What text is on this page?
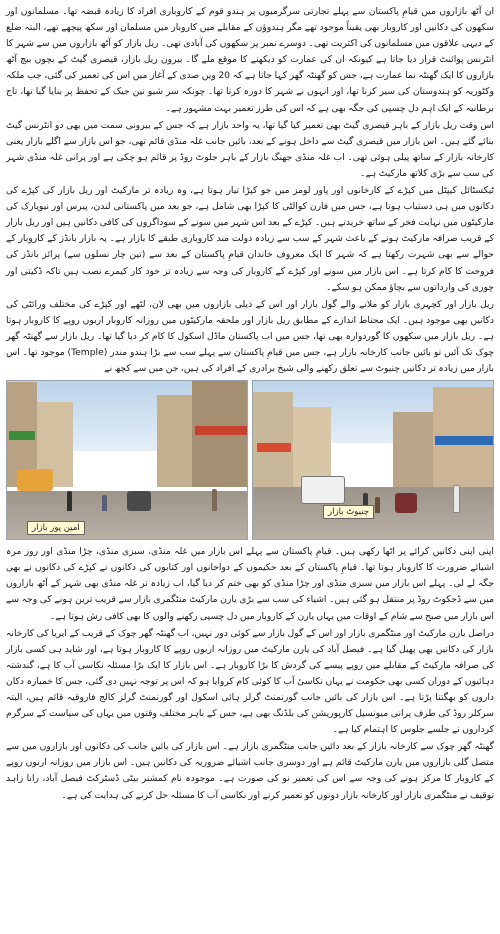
ان آٹھ بازاروں میں قیامِ پاکستان سے پہلے تجارتی سرگرمیوں پر ہندو قوم کے کاروباری افراد کا زیادہ قبضہ تھا۔ مسلمانوں اور سکھوں کی دکانیں اور کاروبار بھی یقیناً موجود تھے مگر ہندوؤں کے مقابلے میں کاروبار میں مسلمان اور سکھ پیچھے تھے، البتہ ضلع کے دیہی علاقوں میں مسلمانوں کی اکثریت تھی۔ دوسرے نمبر پر سکھوں کی آبادی تھی۔ ریل بازار کو آٹھ بازاروں میں سے شہر کا انٹرنس پوائنٹ قرار دیا جاتا ہے کیونکہ ان کی عمارت کو دیکھنے کا موقع ملے گا۔ بیرون ریل بازار، قیصری گیٹ کے بچوں بیچ آٹھ بازاروں کا ایک گھنٹہ نما عمارت ہے، جس کو گھنٹہ گھر کہا جاتا ہے کہ 20 ویں صدی کے آغاز میں اس کی تعمیر کی گئی، جب ملکہ وکٹوریہ کو ہندوستان کی سیر کرنا تھا، اور انہوں نے شہر کا دورہ کرنا تھا۔ چونکہ سر شیو نین جیک کے تحفظ پر بنایا گیا تھا، تاج برطانیہ کے ایک اہم دل چسپی کی جگہ بھی ہے کہ اس کی طرز تعمیر بہت مشہور ہے۔

اس وقت ریل بازار کے باہر قیصری گیٹ بھی تعمیر کیا گیا تھا، یہ واحد بازار ہے کہ جس کے بیرونی سمت میں بھی دو انٹرنس گیٹ بنائے گئے ہیں۔ اس بازار میں قیصری گیٹ سے داخل ہونے کے بعد، بائیں جانب غلہ منڈی قائم تھی، جو اس بازار سے اگلے بازار یعنی کارخانہ بازار کے ساتھ پیلی ہوئی تھی۔ اب غلہ منڈی جھنگ بازار کے باہر جلوٹ روڈ پر قائم ہو چکی ہے اور پرانی غلہ منڈی شہر کی سب سے بڑی کلاتھ مارکیٹ ہے۔

ٹیکسٹائل کیپٹل میں کپڑے کے کارخانوں اور پاور لومز میں جو کپڑا تیار ہوتا ہے، وہ زیادہ تر مارکیٹ اور ریل بازار کی کپڑے کی دکانوں میں ہی دستیاب ہوتا ہے، جس میں فارن کوالٹی کا کپڑا بھی شامل ہے، جو بعد میں پاکستانی لندن، پیرس اور نیویارک کی مارکیٹوں میں نہایت فخر کے ساتھ خریدتے ہیں۔ کپڑے کے بعد اس شہر میں سونے کے سوداگروں کی کافی دکانیں ہیں اور ریل بازار کے قریب صرافہ مارکیٹ ہونے کے باعث شہر کے سب سے زیادہ دولت مند کاروباری طبقے کا بازار ہے۔ یہ بازار بانڈز کے کاروبار کے حوالے سے بھی شہرت رکھتا ہے کہ شہر کا ایک معروف خاندان قیامِ پاکستان کے بعد سے (تین چار نسلوں سے) پرائز بانڈز کی فروخت کا کام کرتا ہے۔ اس بازار میں سونے اور کپڑے کے کاروبار کی وجہ سے زیادہ تر خود کار کیمرے نصب ہیں تاکہ ڈکیتی اور چوری کی وارداتوں سے بچاؤ ممکن ہو سکے۔

ریل بازار اور کچہری بازار کو ملانے والے گول بازار اور اس کے ذیلی بازاروں میں بھی لان، لٹھے اور کپڑے کی مختلف ورائٹی کی دکانیں بھی موجود ہیں۔ ایک محتاط اندازے کے مطابق ریل بازار اور ملحقہ مارکیٹوں میں روزانہ کاروبار اربوں روپے کا کاروبار ہوتا ہے۔ ریل بازار میں سکھوں کا گوردوارہ بھی تھا، جس میں اب پاکستان ماڈل اسکول کا کام کر دیا گیا تھا۔ ریل بازار سے گھنٹہ گھر چوک تک آئیں تو بائیں جانب کارخانہ بازار ہے، جس میں قیامِ پاکستان سے پہلے سب سے بڑا ہندو مندر (Temple) موجود تھا۔ اس بازار میں زیادہ تر دکانیں چنیوٹ سے تعلق رکھنے والی شیخ برادری کے افراد کی ہیں، جن میں سے کچھ نے

چنیوٹ بازار
امین پور بازار

اپنی اپنی دکانیں کرائے پر اٹھا رکھی ہیں۔ قیامِ پاکستان سے پہلے اس بازار میں غلہ منڈی، سبزی منڈی، چڑا منڈی اور روز مرہ اشیائے ضرورت کا کاروبار ہوتا تھا۔ قیامِ پاکستان کے بعد حکیموں کے دواخانوں اور کتابوں کی دکانوں نے کپڑے کی دکانوں نے بھی جگہ لے لی۔ پہلے اس بازار میں سبزی منڈی اور چڑا منڈی کو بھی ختم کر دیا گیا، اب زیادہ تر غلہ منڈی بھی شہر کے آٹھ بازاروں میں سے ڈجکوٹ روڈ پر منتقل ہو گئی ہیں۔ اشیاء کی سب سے بڑی یارن مارکیٹ منٹگمری بازار سے قریب ترین ہونے کی وجہ سے اس بازار میں صبح سے شام کے اوقات میں یہاں یارن کے کاروبار میں دل چسپی رکھنے والوں کا بھی کافی رش ہوتا ہے۔

دراصل یارن مارکیٹ اور منٹگمری بازار اور اس کے گول بازار سے کوئی دور نہیں، اب گھنٹہ گھر چوک کے قریب کے ایریا کی کارخانہ بازار کی دکانیں بھی پھیل گیا ہے۔ فیصل آباد کی یارن مارکیٹ میں روزانہ اربوں روپے کا کاروبار ہوتا ہے، اور شاید ہی کسی بازار کی صرافہ مارکیٹ کے مقابلے میں روپے پیسے کی گردش کا بڑا کاروبار ہے۔ اس بازار کا ایک بڑا مسئلہ نکاسی آب کا ہے، گندشتہ دہائیوں کے دوران کسی بھی حکومت نے یہاں نکاسیٔ آب کا کوئی کام کروایا ہو کہ اس پر توجہ نہیں دی گئی، جس کا خمیازہ دکان داروں کو بھگتنا پڑتا ہے۔ اس بازار کی بائیں جانب گورنمنٹ گرلز ہائی اسکول اور گورنمنٹ گرلز کالج فاروقیہ قائم ہیں، البتہ سرکلر روڈ کی طرف پرانی میونسپل کارپوریشن کی بلڈنگ بھی ہے، جس کے باہر مختلف وقتوں میں یہاں کی سیاست کے سرگرم کرداروں نے جلسے جلوس کا اہتمام کیا ہے۔

گھنٹہ گھر چوک سے کارخانہ بازار کے بعد دائیں جانب منٹگمری بازار ہے۔ اس بازار کی بائیں جانب کی دکانوں اور بازاروں میں سے متصل گلی بازاروں میں یارن مارکیٹ قائم ہے اور دوسری جانب اشیائے ضروریہ کی دکانیں ہیں۔ اس بازار میں روزانہ اربوں روپے کے کاروبار کا مرکز ہونے کی وجہ سے اس کی تعمیر نو کی صورت ہے۔ موجودہ نام کمشنر بیٹی ڈسٹرکٹ فیصل آباد، رانا زاہد توقیف نے منٹگمری بازار اور کارخانہ بازار دونوں کو تعمیر کرنے اور نکاسی آب کا مسئلہ حل کرنے کی ہدایت کی ہے۔
